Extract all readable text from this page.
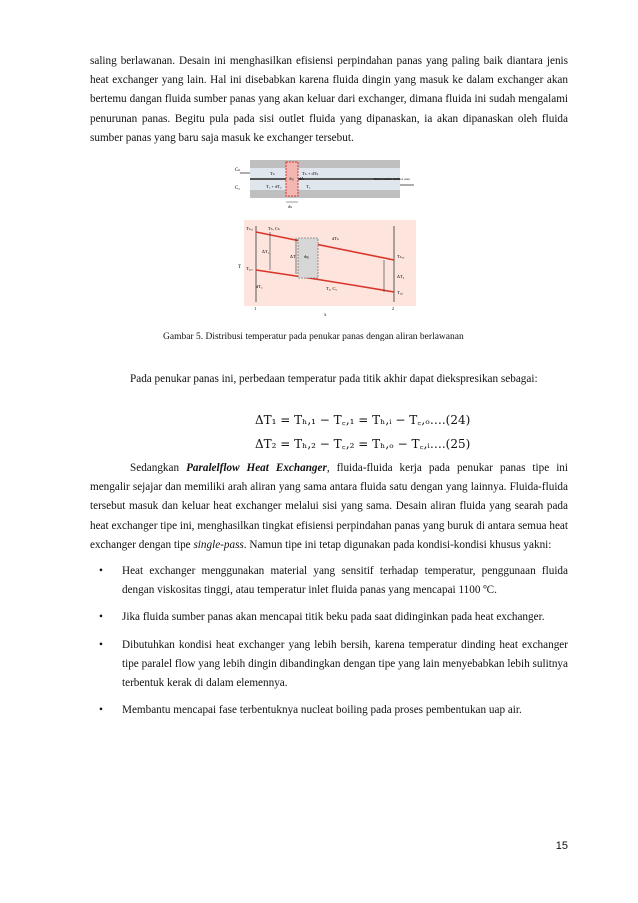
saling berlawanan. Desain ini menghasilkan efisiensi perpindahan panas yang paling baik diantara jenis heat exchanger yang lain. Hal ini disebabkan karena fluida dingin yang masuk ke dalam exchanger akan bertemu dangan fluida sumber panas yang akan keluar dari exchanger, dimana fluida ini sudah mengalami penurunan panas. Begitu pula pada sisi outlet fluida yang dipanaskan, ia akan dipanaskan oleh fluida sumber panas yang baru saja masuk ke exchanger tersebut.

Cₕ
C꜀
Tₕ	Tₕ + dTₕ
T꜀ + dT꜀	T꜀
dq dA	Heat transfer surface area
dx
Tₕ,ᵢ
T꜀,ₒ
ΔT₁
ΔT dq
Tₕ, Cₕ
dTₕ
dT꜀	T꜀, C꜀
Tₕ,ₒ
T꜀,ᵢ
ΔT₂
T
1	2
x
Gambar 5. Distribusi temperatur pada penukar panas dengan aliran berlawanan

Pada penukar panas ini, perbedaan temperatur pada titik akhir dapat diekspresikan sebagai:

ΔT₁ = Tₕ,₁ − T꜀,₁ = Tₕ,ᵢ − T꜀,ₒ….(24)
ΔT₂ = Tₕ,₂ − T꜀,₂ = Tₕ,ₒ − T꜀,ᵢ….(25)

Sedangkan Paralelflow Heat Exchanger, fluida-fluida kerja pada penukar panas tipe ini mengalir sejajar dan memiliki arah aliran yang sama antara fluida satu dengan yang lainnya. Fluida-fluida tersebut masuk dan keluar heat exchanger melalui sisi yang sama. Desain aliran fluida yang searah pada heat exchanger tipe ini, menghasilkan tingkat efisiensi perpindahan panas yang buruk di antara semua heat exchanger dengan tipe single-pass. Namun tipe ini tetap digunakan pada kondisi-kondisi khusus yakni:

• Heat exchanger menggunakan material yang sensitif terhadap temperatur, penggunaan fluida dengan viskositas tinggi, atau temperatur inlet fluida panas yang mencapai 1100 ºC.
• Jika fluida sumber panas akan mencapai titik beku pada saat didinginkan pada heat exchanger.
• Dibutuhkan kondisi heat exchanger yang lebih bersih, karena temperatur dinding heat exchanger tipe paralel flow yang lebih dingin dibandingkan dengan tipe yang lain menyebabkan lebih sulitnya terbentuk kerak di dalam elemennya.
• Membantu mencapai fase terbentuknya nucleat boiling pada proses pembentukan uap air.
15
